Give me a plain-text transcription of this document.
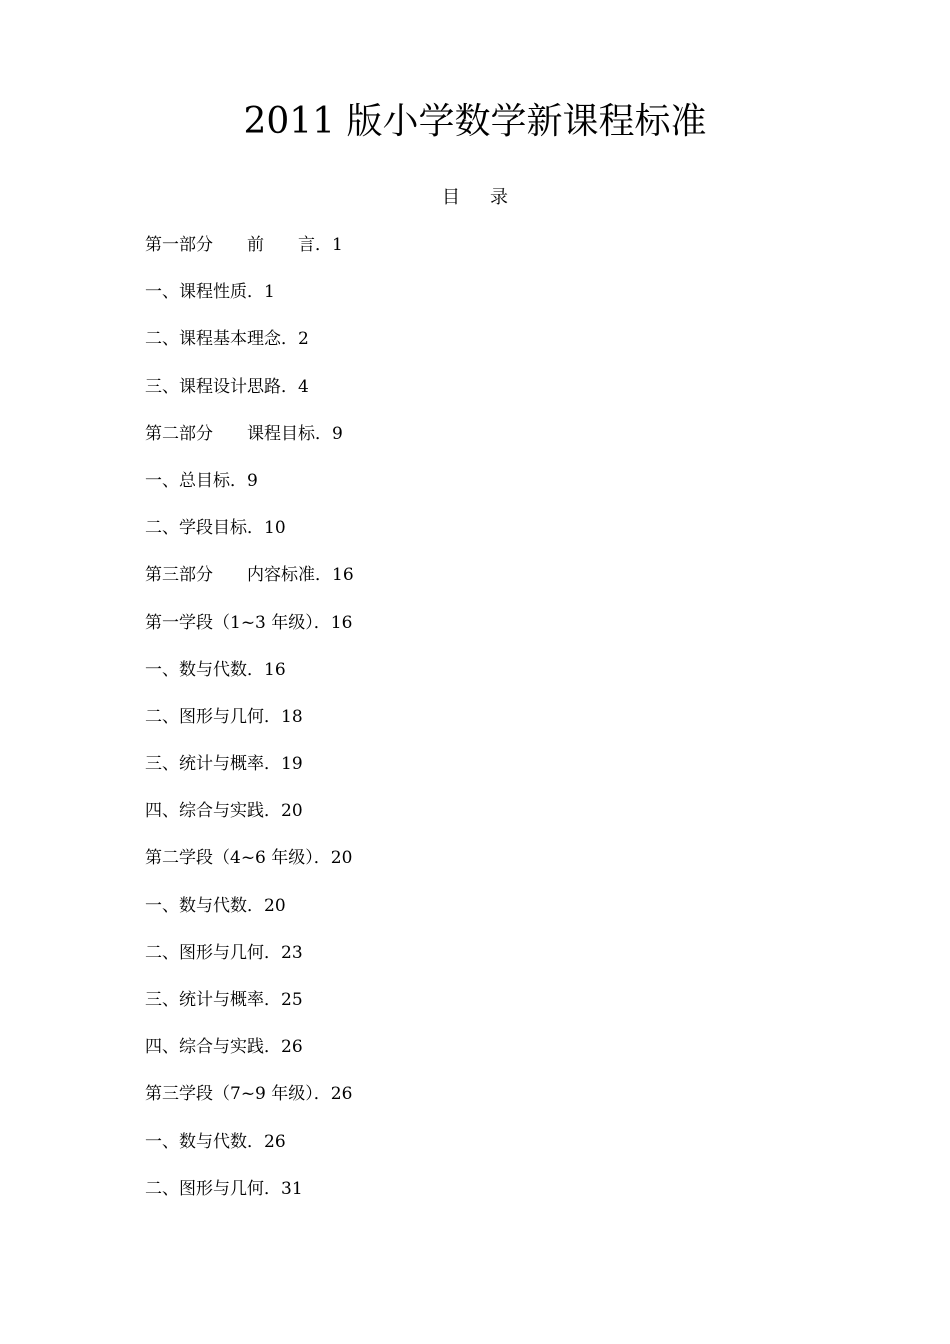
2011 版小学数学新课程标准
目录
第一部分　　前　　言．1
一、课程性质．1
二、课程基本理念．2
三、课程设计思路．4
第二部分　　课程目标．9
一、总目标．9
二、学段目标．10
第三部分　　内容标准．16
第一学段（1~3 年级）．16
一、数与代数．16
二、图形与几何．18
三、统计与概率．19
四、综合与实践．20
第二学段（4~6 年级）．20
一、数与代数．20
二、图形与几何．23
三、统计与概率．25
四、综合与实践．26
第三学段（7~9 年级）．26
一、数与代数．26
二、图形与几何．31
